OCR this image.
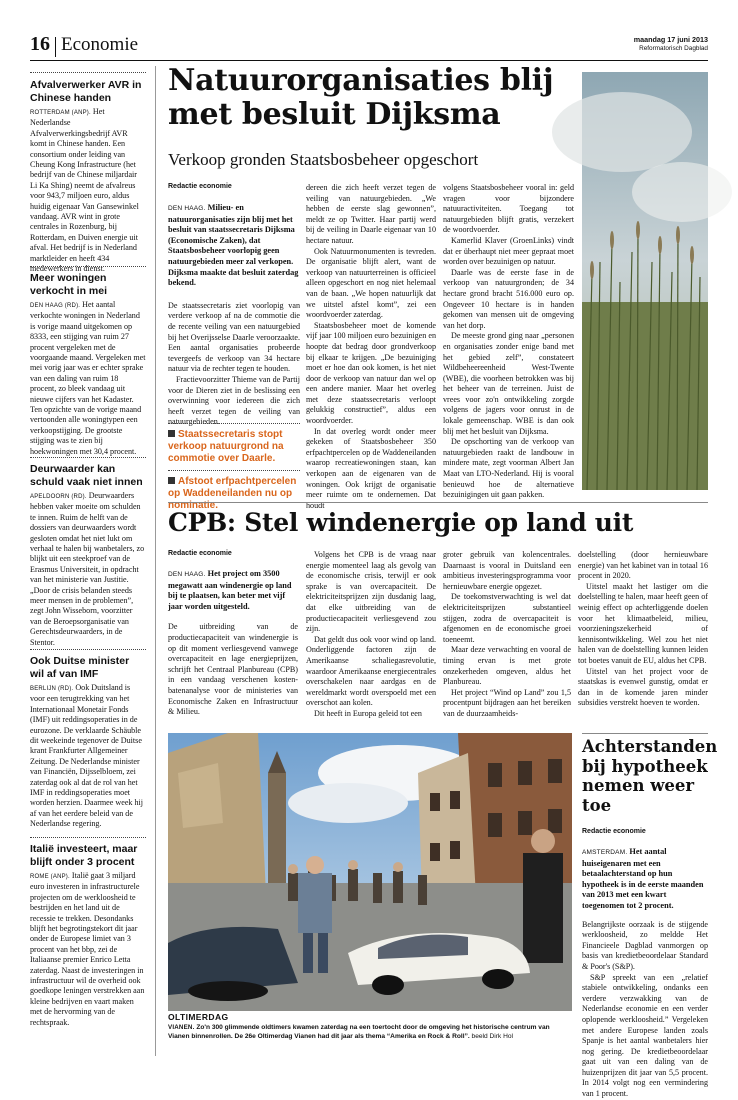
16 Economie	maandag 17 juni 2013
Reformatorisch Dagblad
Afvalverwerker AVR in Chinese handen

ROTTERDAM (ANP). Het Nederlandse Afvalverwerkingsbedrijf AVR komt in Chinese handen. Een consortium onder leiding van Cheung Kong Infrastructure (het bedrijf van de Chinese miljardair Li Ka Shing) neemt de afvalreus voor 943,7 miljoen euro, aldus huidig eigenaar Van Gansewinkel vandaag. AVR wint in grote centrales in Rozenburg, bij Rotterdam, en Duiven energie uit afval. Het bedrijf is in Nederland marktleider en heeft 434 medewerkers in dienst.

Meer woningen verkocht in mei

DEN HAAG (RD). Het aantal verkochte woningen in Nederland is vorige maand uitgekomen op 8333, een stijging van ruim 27 procent vergeleken met de voorgaande maand. Vergeleken met mei vorig jaar was er echter sprake van een daling van ruim 18 procent, zo bleek vandaag uit nieuwe cijfers van het Kadaster. Ten opzichte van de vorige maand vertoonden alle woningtypen een verkoopstijging. De grootste stijging was te zien bij hoekwoningen met 30,4 procent.

Deurwaarder kan schuld vaak niet innen

APELDOORN (RD). Deurwaarders hebben vaker moeite om schulden te innen. Ruim de helft van de dossiers van deurwaarders wordt gesloten omdat het niet lukt om verhaal te halen bij wanbetalers, zo blijkt uit een steekproef van de Erasmus Universiteit, in opdracht van het ministerie van Justitie. „Door de crisis belanden steeds meer mensen in de problemen”, zegt John Wisseborn, voorzitter van de Beroepsorganisatie van Gerechtsdeurwaarders, in de Stentor.

Ook Duitse minister wil af van IMF

BERLIJN (RD). Ook Duitsland is voor een terugtrekking van het Internationaal Monetair Fonds (IMF) uit reddingsoperaties in de eurozone. De verklaarde Schäuble dit weekeinde tegenover de Duitse krant Frankfurter Allgemeiner Zeitung. De Nederlandse minister van Financiën, Dijsselbloem, zei zaterdag ook al dat de rol van het IMF in reddingsoperaties moet worden herzien. Daarmee week hij af van het eerdere beleid van de Nederlandse regering.

Italië investeert, maar blijft onder 3 procent

ROME (ANP). Italië gaat 3 miljard euro investeren in infrastructurele projecten om de werkloosheid te bestrijden en het land uit de recessie te trekken. Desondanks blijft het begrotingstekort dit jaar onder de Europese limiet van 3 procent van het bbp, zei de Italiaanse premier Enrico Letta zaterdag. Naast de investeringen in infrastructuur wil de overheid ook goedkope leningen verstrekken aan kleine bedrijven en vaart maken met de hervorming van de rechtspraak.

Natuurorganisaties blij met besluit Dijksma
Verkoop gronden Staatsbosbeheer opgeschort
Redactie economie
DEN HAAG. Milieu- en natuurorganisaties zijn blij met het besluit van staatssecretaris Dijksma (Economische Zaken), dat Staatsbosbeheer voorlopig geen natuurgebieden meer zal verkopen. Dijksma maakte dat besluit zaterdag bekend.

De staatssecretaris ziet voorlopig van verdere verkoop af na de commotie die de recente veiling van een natuurgebied bij het Overijsselse Daarle veroorzaakte. Een aantal organisaties probeerde tevergeefs de verkoop van 34 hectare natuur via de rechter tegen te houden.

Fractievoorzitter Thieme van de Partij voor de Dieren ziet in de beslissing een overwinning voor iedereen die zich heeft verzet tegen de veiling van natuurgebieden.

Staatssecretaris stopt verkoop natuurgrond na commotie over Daarle.
Afstoot erfpachtpercelen op Waddeneilanden nu op nominatie.

dereen die zich heeft verzet tegen de veiling van natuurgebieden. „We hebben de eerste slag gewonnen”, meldt ze op Twitter. Haar partij werd bij de veiling in Daarle eigenaar van 10 hectare natuur.

Ook Natuurmonumenten is tevreden. De organisatie blijft alert, want de verkoop van natuurterreinen is officieel alleen opgeschort en nog niet helemaal van de baan. „We hopen natuurlijk dat we uitstel afstel komt”, zei een woordvoerder zaterdag.

Staatsbosbeheer moet de komende vijf jaar 100 miljoen euro bezuinigen en hoopte dat bedrag door grondverkoop bij elkaar te krijgen. „De bezuiniging moet er hoe dan ook komen, is het niet door de verkoop van natuur dan wel op een andere manier. Maar het overleg met deze staatssecretaris verloopt gelukkig constructief”, aldus een woordvoerder.

In dat overleg wordt onder meer gekeken of Staatsbosbeheer 350 erfpachtpercelen op de Waddeneilanden waarop recreatiewoningen staan, kan verkopen aan de eigenaren van de woningen. Ook krijgt de organisatie meer ruimte om te ondernemen. Dat houdt

volgens Staatsbosbeheer vooral in: geld vragen voor bijzondere natuuractiviteiten. Toegang tot natuurgebieden blijft gratis, verzekert de woordvoerder.

Kamerlid Klaver (GroenLinks) vindt dat er überhaupt niet meer gepraat moet worden over bezuinigen op natuur.

Daarle was de eerste fase in de verkoop van natuurgronden; de 34 hectare grond bracht 516.000 euro op. Ongeveer 10 hectare is in handen gekomen van mensen uit de omgeving van het dorp.

De meeste grond ging naar „personen en organisaties zonder enige band met het gebied zelf”, constateert Wildbeheereenheid West-Twente (WBE), die voorheen betrokken was bij het beheer van de terreinen. Juist de vrees voor zo'n ontwikkeling zorgde volgens de jagers voor onrust in de lokale gemeenschap. WBE is dan ook blij met het besluit van Dijksma.

De opschorting van de verkoop van natuurgebieden raakt de landbouw in mindere mate, zegt voorman Albert Jan Maat van LTO-Nederland. Hij is vooral benieuwd hoe de alternatieve bezuinigingen uit gaan pakken.

CPB: Stel windenergie op land uit
Redactie economie
DEN HAAG. Het project om 3500 megawatt aan windenergie op land bij te plaatsen, kan beter met vijf jaar worden uitgesteld.

De uitbreiding van de productiecapaciteit van windenergie is op dit moment verliesgevend vanwege overcapaciteit en lage energieprijzen, schrijft het Centraal Planbureau (CPB) in een vandaag verschenen kosten-batenanalyse voor de ministeries van Economische Zaken en Infrastructuur & Milieu.

Volgens het CPB is de vraag naar energie momenteel laag als gevolg van de economische crisis, terwijl er ook sprake is van overcapaciteit. De elektriciteitsprijzen zijn dusdanig laag, dat elke uitbreiding van de productiecapaciteit verliesgevend zou zijn.

Dat geldt dus ook voor wind op land. Onderliggende factoren zijn de Amerikaanse schaliegasrevolutie, waardoor Amerikaanse energiecentrales overschakelen naar aardgas en de wereldmarkt wordt overspoeld met een overschot aan kolen.

Dit heeft in Europa geleid tot een

groter gebruik van kolencentrales. Daarnaast is vooral in Duitsland een ambitieus investeringsprogramma voor hernieuwbare energie opgezet.

De toekomstverwachting is wel dat elektriciteitsprijzen substantieel stijgen, zodra de overcapaciteit is afgenomen en de economische groei toeneemt.

Maar deze verwachting en vooral de timing ervan is met grote onzekerheden omgeven, aldus het Planbureau.

Het project “Wind op Land” zou 1,5 procentpunt bijdragen aan het bereiken van de duurzaamheids-

doelstelling (door hernieuwbare energie) van het kabinet van in totaal 16 procent in 2020.

Uitstel maakt het lastiger om die doelstelling te halen, maar heeft geen of weinig effect op achterliggende doelen voor het klimaatbeleid, milieu, voorzieningszekerheid of kennisontwikkeling. Wel zou het niet halen van de doelstelling kunnen leiden tot boetes vanuit de EU, aldus het CPB.

Uitstel van het project voor de staatskas is evenwel gunstig, omdat er dan in de komende jaren minder subsidies verstrekt hoeven te worden.

OLTIMERDAG
VIANEN. Zo'n 300 glimmende oldtimers kwamen zaterdag na een toertocht door de omgeving het historische centrum van Vianen binnenrollen. De 26e Oltimerdag Vianen had dit jaar als thema “Amerika en Rock & Roll”. beeld Dirk Hol
Achterstanden bij hypotheek nemen weer toe
Redactie economie
AMSTERDAM. Het aantal huiseigenaren met een betaalachterstand op hun hypotheek is in de eerste maanden van 2013 met een kwart toegenomen tot 2 procent.

Belangrijkste oorzaak is de stijgende werkloosheid, zo meldde Het Financieele Dagblad vanmorgen op basis van kredietbeoordelaar Standard & Poor's (S&P).

S&P spreekt van een „relatief stabiele ontwikkeling, ondanks een verdere verzwakking van de Nederlandse economie en een verder oplopende werkloosheid.” Vergeleken met andere Europese landen zoals Spanje is het aantal wanbetalers hier nog gering. De kredietbeoordelaar gaat uit van een daling van de huizenprijzen dit jaar van 5,5 procent. In 2014 volgt nog een vermindering van 1 procent.
